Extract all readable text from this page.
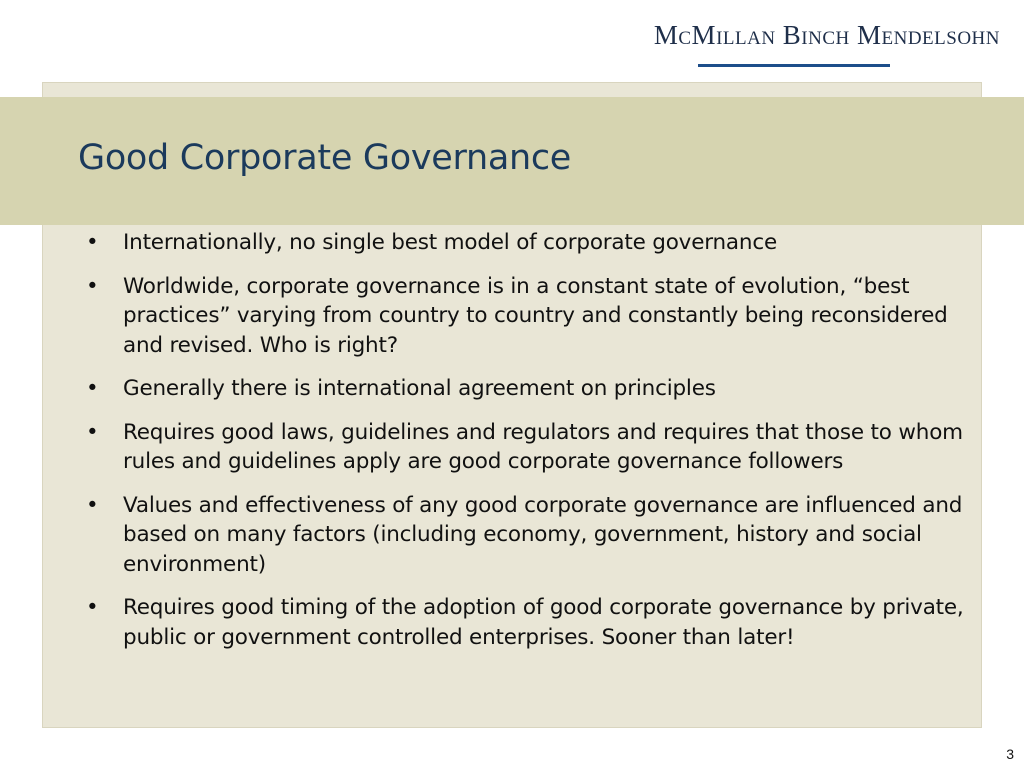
McMillan Binch Mendelsohn
Good Corporate Governance
•	Internationally, no single best model of corporate governance
•	Worldwide, corporate governance is in a constant state of evolution, “best practices” varying from country to country and constantly being reconsidered and revised. Who is right?
•	Generally there is international agreement on principles
•	Requires good laws, guidelines and regulators and requires that those to whom rules and guidelines apply are good corporate governance followers
•	Values and effectiveness of any good corporate governance are influenced and based on many factors (including economy, government, history and social environment)
•	Requires good timing of the adoption of good corporate governance by private, public or government controlled enterprises. Sooner than later!
3
